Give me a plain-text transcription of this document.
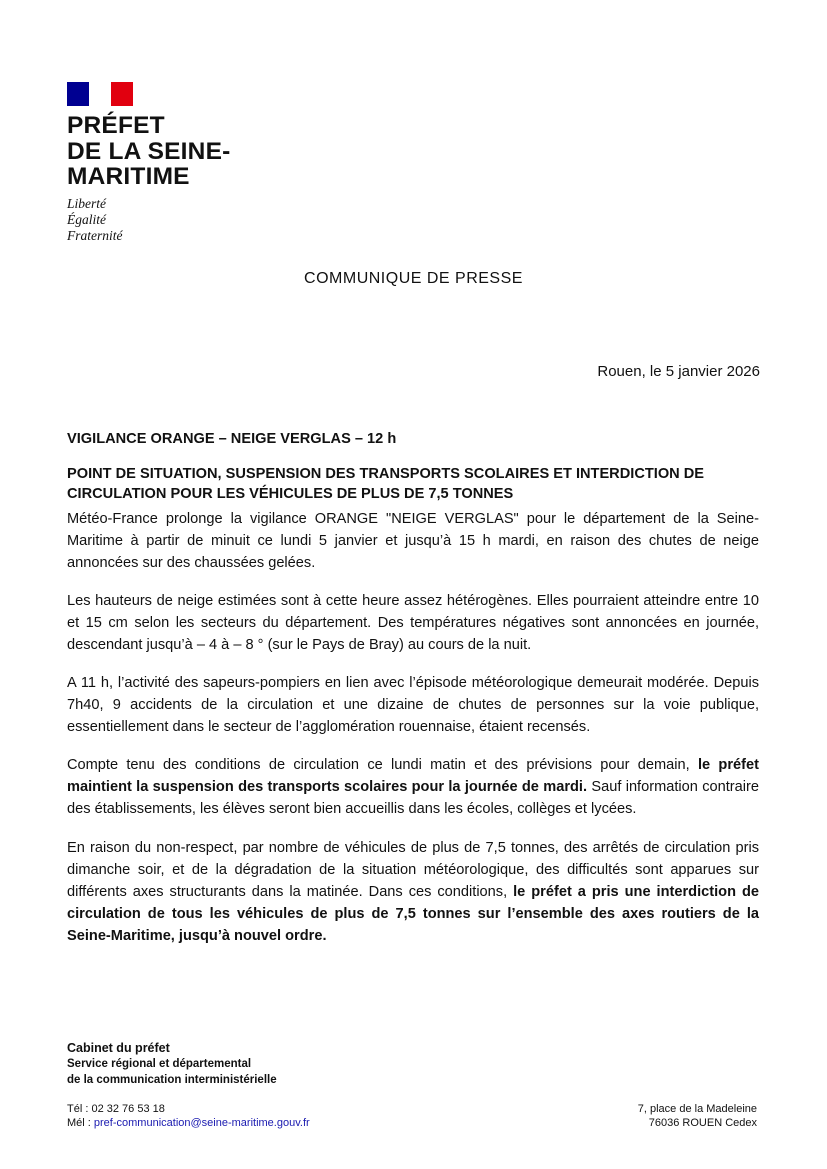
PRÉFET
DE LA SEINE-
MARITIME
Liberté
Égalité
Fraternité
COMMUNIQUE DE PRESSE
Rouen, le 5 janvier 2026
VIGILANCE ORANGE – NEIGE VERGLAS – 12 h
POINT DE SITUATION, SUSPENSION DES TRANSPORTS SCOLAIRES ET INTERDICTION DE CIRCULATION POUR LES VÉHICULES DE PLUS DE 7,5 TONNES

Météo-France prolonge la vigilance ORANGE "NEIGE VERGLAS" pour le département de la Seine-Maritime à partir de minuit ce lundi 5 janvier et jusqu’à 15 h mardi, en raison des chutes de neige annoncées sur des chaussées gelées.

Les hauteurs de neige estimées sont à cette heure assez hétérogènes. Elles pourraient atteindre entre 10 et 15 cm selon les secteurs du département. Des températures négatives sont annoncées en journée, descendant jusqu’à – 4 à – 8 ° (sur le Pays de Bray) au cours de la nuit.

A 11 h, l’activité des sapeurs-pompiers en lien avec l’épisode météorologique demeurait modérée. Depuis 7h40, 9 accidents de la circulation et une dizaine de chutes de personnes sur la voie publique, essentiellement dans le secteur de l’agglomération rouennaise, étaient recensés.

Compte tenu des conditions de circulation ce lundi matin et des prévisions pour demain, le préfet maintient la suspension des transports scolaires pour la journée de mardi. Sauf information contraire des établissements, les élèves seront bien accueillis dans les écoles, collèges et lycées.

En raison du non-respect, par nombre de véhicules de plus de 7,5 tonnes, des arrêtés de circulation pris dimanche soir, et de la dégradation de la situation météorologique, des difficultés sont apparues sur différents axes structurants dans la matinée. Dans ces conditions, le préfet a pris une interdiction de circulation de tous les véhicules de plus de 7,5 tonnes sur l’ensemble des axes routiers de la Seine-Maritime, jusqu’à nouvel ordre.

Cabinet du préfet
Service régional et départemental
de la communication interministérielle
Tél : 02 32 76 53 18
Mél : pref-communication@seine-maritime.gouv.fr
7, place de la Madeleine
76036 ROUEN Cedex
